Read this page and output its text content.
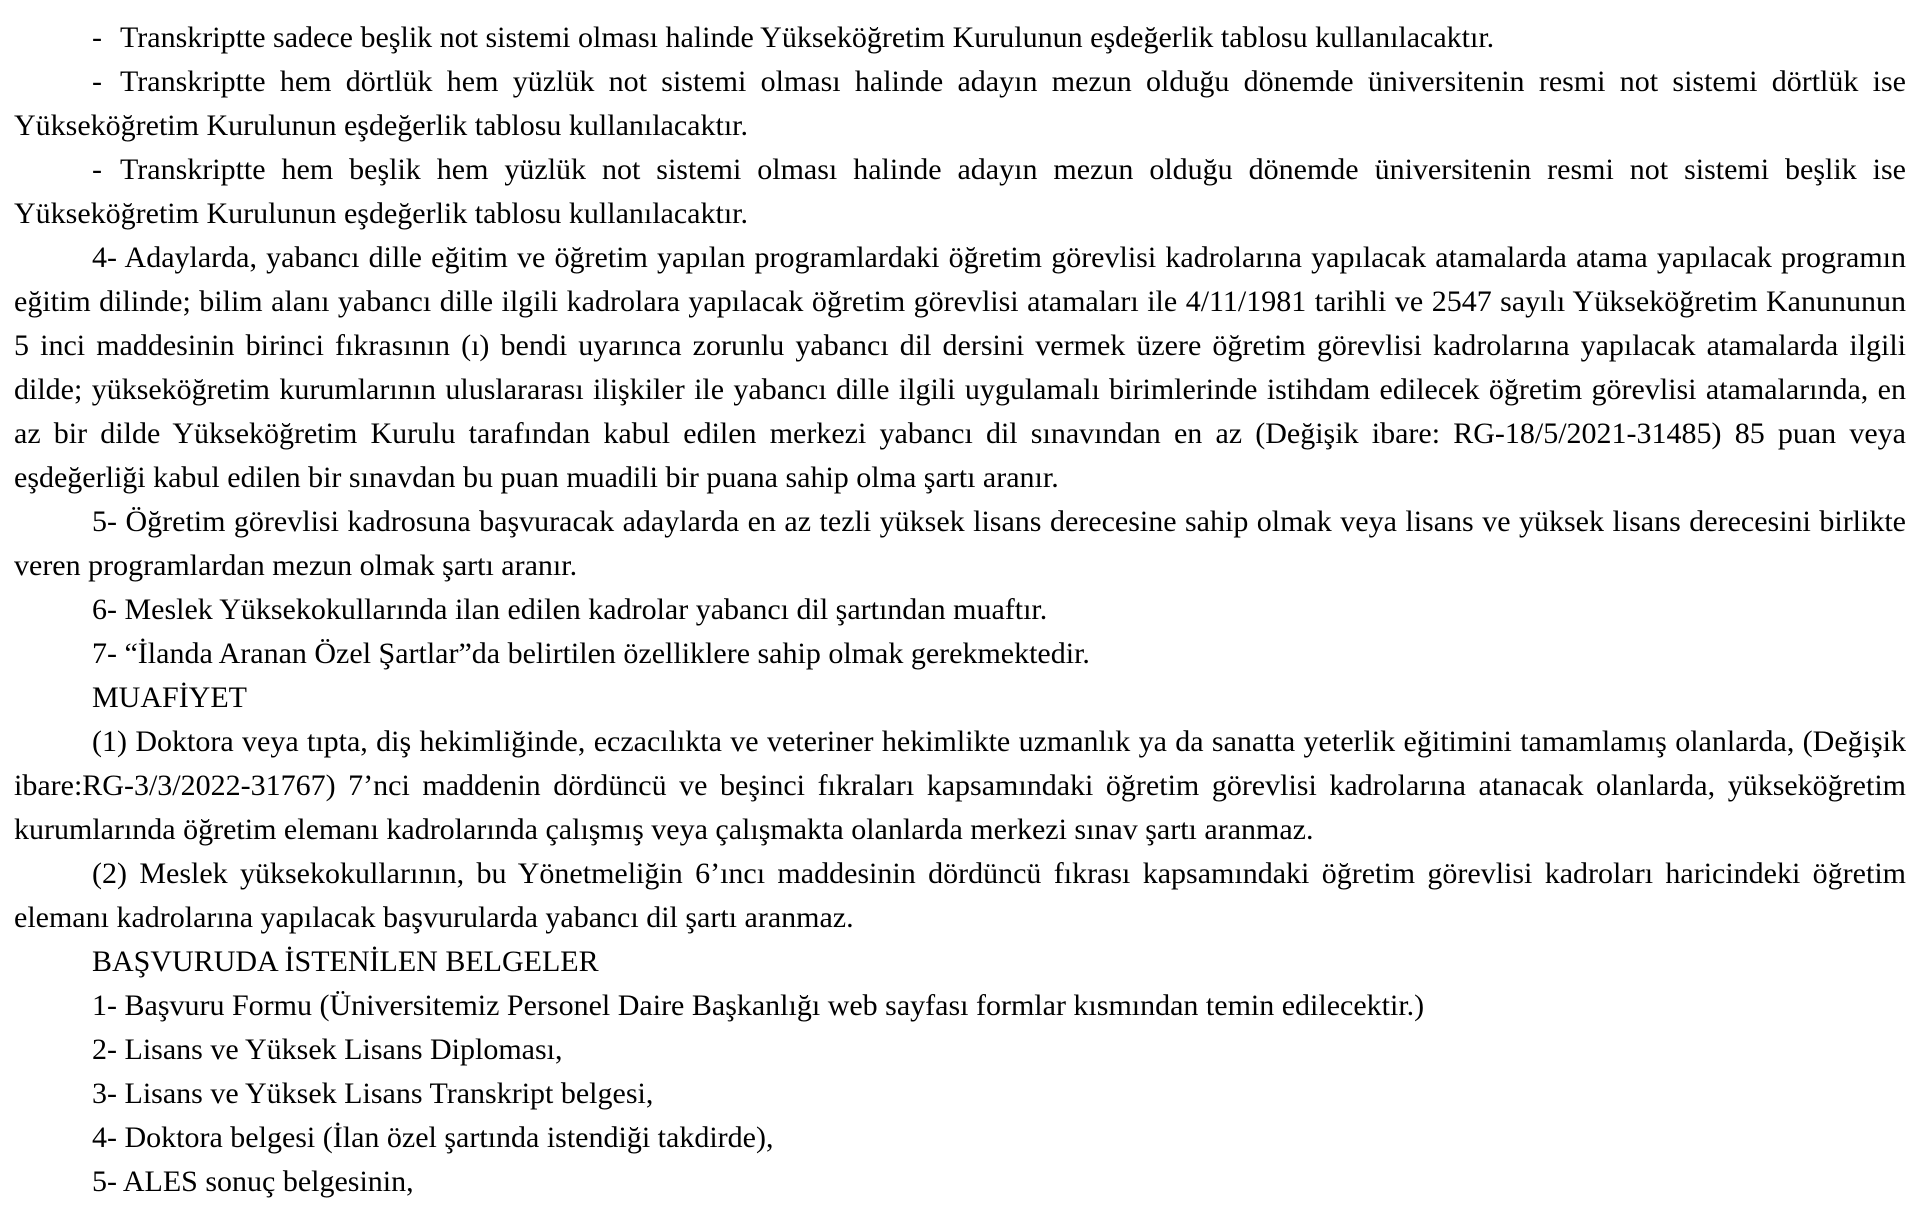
- Transkriptte sadece beşlik not sistemi olması halinde Yükseköğretim Kurulunun eşdeğerlik tablosu kullanılacaktır.

- Transkriptte hem dörtlük hem yüzlük not sistemi olması halinde adayın mezun olduğu dönemde üniversitenin resmi not sistemi dörtlük ise Yükseköğretim Kurulunun eşdeğerlik tablosu kullanılacaktır.

- Transkriptte hem beşlik hem yüzlük not sistemi olması halinde adayın mezun olduğu dönemde üniversitenin resmi not sistemi beşlik ise Yükseköğretim Kurulunun eşdeğerlik tablosu kullanılacaktır.

4- Adaylarda, yabancı dille eğitim ve öğretim yapılan programlardaki öğretim görevlisi kadrolarına yapılacak atamalarda atama yapılacak programın eğitim dilinde; bilim alanı yabancı dille ilgili kadrolara yapılacak öğretim görevlisi atamaları ile 4/11/1981 tarihli ve 2547 sayılı Yükseköğretim Kanununun 5 inci maddesinin birinci fıkrasının (ı) bendi uyarınca zorunlu yabancı dil dersini vermek üzere öğretim görevlisi kadrolarına yapılacak atamalarda ilgili dilde; yükseköğretim kurumlarının uluslararası ilişkiler ile yabancı dille ilgili uygulamalı birimlerinde istihdam edilecek öğretim görevlisi atamalarında, en az bir dilde Yükseköğretim Kurulu tarafından kabul edilen merkezi yabancı dil sınavından en az (Değişik ibare: RG-18/5/2021-31485) 85 puan veya eşdeğerliği kabul edilen bir sınavdan bu puan muadili bir puana sahip olma şartı aranır.

5- Öğretim görevlisi kadrosuna başvuracak adaylarda en az tezli yüksek lisans derecesine sahip olmak veya lisans ve yüksek lisans derecesini birlikte veren programlardan mezun olmak şartı aranır.

6- Meslek Yüksekokullarında ilan edilen kadrolar yabancı dil şartından muaftır.

7- “İlanda Aranan Özel Şartlar”da belirtilen özelliklere sahip olmak gerekmektedir.

MUAFİYET

(1) Doktora veya tıpta, diş hekimliğinde, eczacılıkta ve veteriner hekimlikte uzmanlık ya da sanatta yeterlik eğitimini tamamlamış olanlarda, (Değişik ibare:RG-3/3/2022-31767) 7’nci maddenin dördüncü ve beşinci fıkraları kapsamındaki öğretim görevlisi kadrolarına atanacak olanlarda, yükseköğretim kurumlarında öğretim elemanı kadrolarında çalışmış veya çalışmakta olanlarda merkezi sınav şartı aranmaz.

(2) Meslek yüksekokullarının, bu Yönetmeliğin 6’ıncı maddesinin dördüncü fıkrası kapsamındaki öğretim görevlisi kadroları haricindeki öğretim elemanı kadrolarına yapılacak başvurularda yabancı dil şartı aranmaz.

BAŞVURUDA İSTENİLEN BELGELER

1- Başvuru Formu (Üniversitemiz Personel Daire Başkanlığı web sayfası formlar kısmından temin edilecektir.)

2- Lisans ve Yüksek Lisans Diploması,

3- Lisans ve Yüksek Lisans Transkript belgesi,

4- Doktora belgesi (İlan özel şartında istendiği takdirde),

5- ALES sonuç belgesinin,
